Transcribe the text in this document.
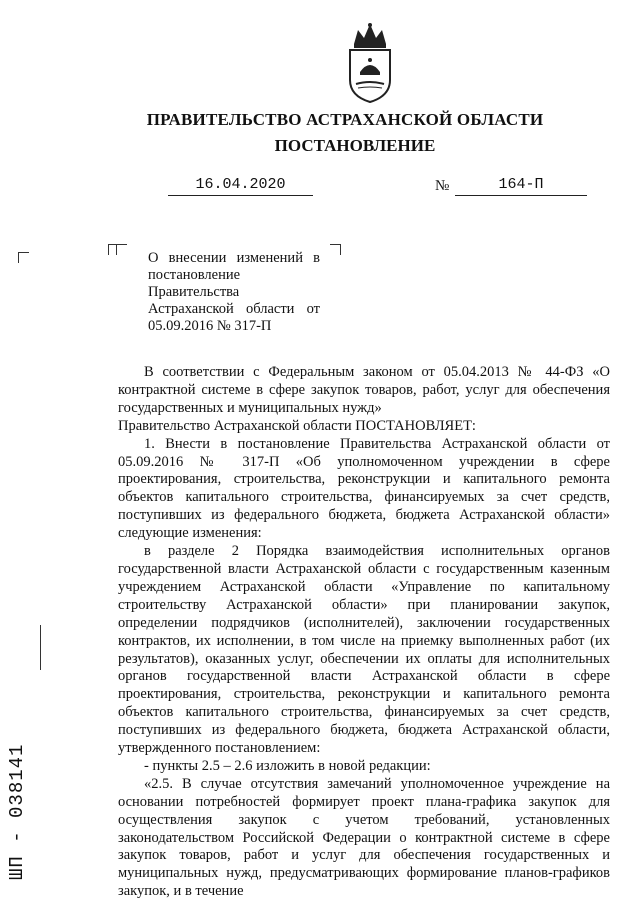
ПРАВИТЕЛЬСТВО АСТРАХАНСКОЙ ОБЛАСТИ
ПОСТАНОВЛЕНИЕ
16.04.2020	№	164-П
О внесении изменений в постановление Правительства Астраханской области от 05.09.2016 № 317-П

В соответствии с Федеральным законом от 05.04.2013 № 44-ФЗ «О контрактной системе в сфере закупок товаров, работ, услуг для обеспечения государственных и муниципальных нужд»

Правительство Астраханской области ПОСТАНОВЛЯЕТ:

1. Внести в постановление Правительства Астраханской области от 05.09.2016 № 317-П «Об уполномоченном учреждении в сфере проектирования, строительства, реконструкции и капитального ремонта объектов капитального строительства, финансируемых за счет средств, поступивших из федерального бюджета, бюджета Астраханской области» следующие изменения:

в разделе 2 Порядка взаимодействия исполнительных органов государственной власти Астраханской области с государственным казенным учреждением Астраханской области «Управление по капитальному строительству Астраханской области» при планировании закупок, определении подрядчиков (исполнителей), заключении государственных контрактов, их исполнении, в том числе на приемку выполненных работ (их результатов), оказанных услуг, обеспечении их оплаты для исполнительных органов государственной власти Астраханской области в сфере проектирования, строительства, реконструкции и капитального ремонта объектов капитального строительства, финансируемых за счет средств, поступивших из федерального бюджета, бюджета Астраханской области, утвержденного постановлением:

- пункты 2.5 – 2.6 изложить в новой редакции:

«2.5. В случае отсутствия замечаний уполномоченное учреждение на основании потребностей формирует проект плана-графика закупок для осуществления закупок с учетом требований, установленных законодательством Российской Федерации о контрактной системе в сфере закупок товаров, работ и услуг для обеспечения государственных и муниципальных нужд, предусматривающих формирование планов-графиков закупок, и в течение

ШП - 038141
